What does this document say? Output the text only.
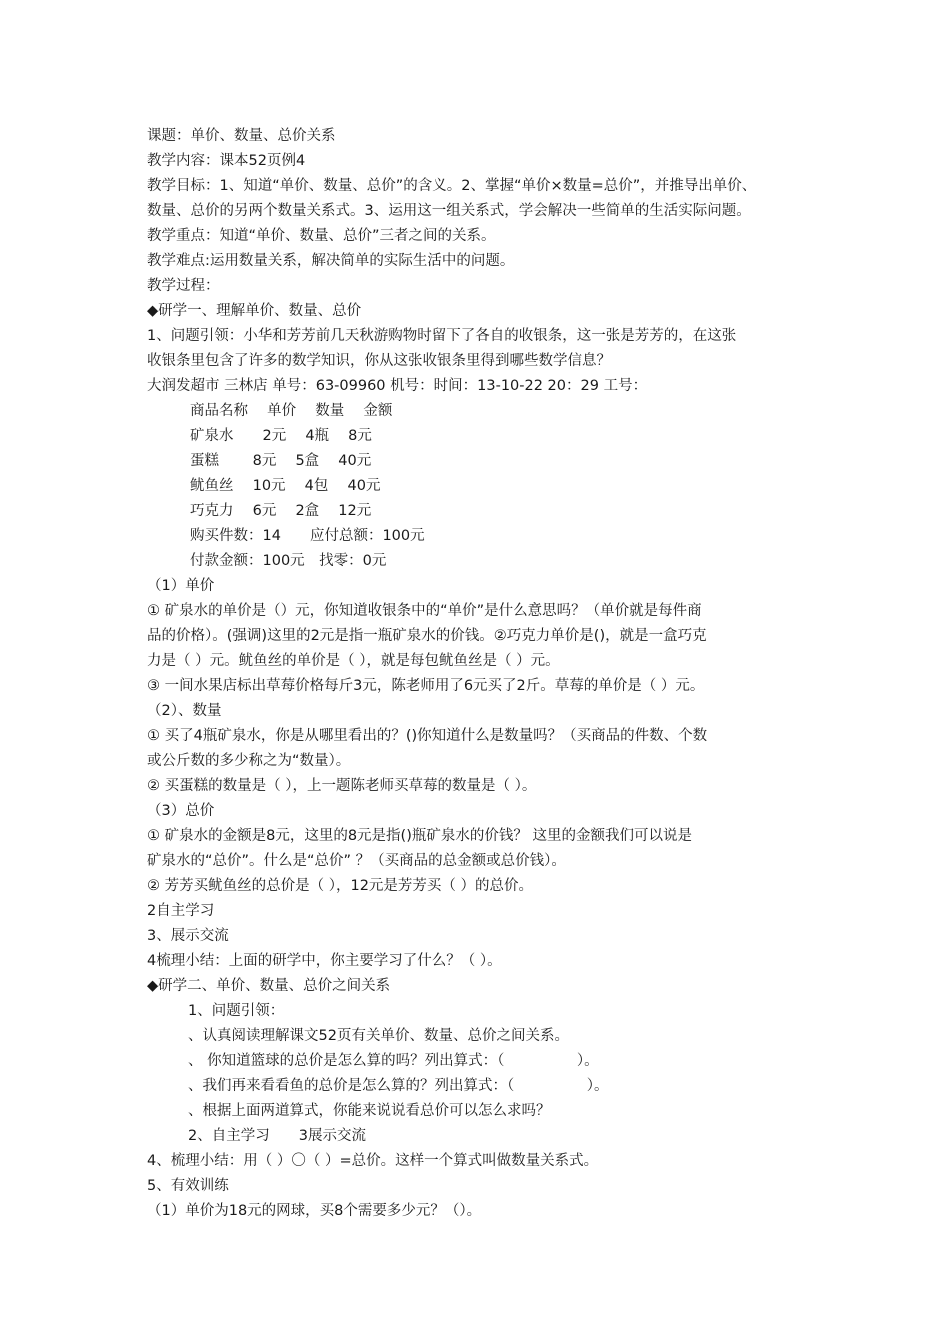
课题：单价、数量、总价关系
教学内容：课本52页例4
教学目标：1、知道“单价、数量、总价”的含义。2、掌握“单价×数量=总价”，并推导出单价、
数量、总价的另两个数量关系式。3、运用这一组关系式，学会解决一些简单的生活实际问题。
教学重点：知道“单价、数量、总价”三者之间的关系。
教学难点:运用数量关系，解决简单的实际生活中的问题。
教学过程：
◆研学一、理解单价、数量、总价
1、问题引领：小华和芳芳前几天秋游购物时留下了各自的收银条，这一张是芳芳的，在这张
收银条里包含了许多的数学知识，你从这张收银条里得到哪些数学信息？
大润发超市 三林店 单号：63-09960 机号：时间：13-10-22 20：29 工号：
商品名称　 单价　 数量　 金额
矿泉水　　2元　 4瓶　 8元
蛋糕　　 8元　 5盒　 40元
鱿鱼丝　 10元　 4包　 40元
巧克力　 6元　 2盒　 12元
购买件数：14　　应付总额：100元
付款金额：100元　找零：0元
（1）单价
① 矿泉水的单价是（）元，你知道收银条中的“单价”是什么意思吗？（单价就是每件商
品的价格）。(强调)这里的2元是指一瓶矿泉水的价钱。②巧克力单价是()，就是一盒巧克
力是（ ）元。鱿鱼丝的单价是（ ），就是每包鱿鱼丝是（ ）元。
③ 一间水果店标出草莓价格每斤3元，陈老师用了6元买了2斤。草莓的单价是（ ）元。
（2）、数量
① 买了4瓶矿泉水，你是从哪里看出的？()你知道什么是数量吗？（买商品的件数、个数
或公斤数的多少称之为“数量）。
② 买蛋糕的数量是（ ），上一题陈老师买草莓的数量是（ ）。
（3）总价
① 矿泉水的金额是8元，这里的8元是指()瓶矿泉水的价钱？ 这里的金额我们可以说是
矿泉水的“总价”。什么是“总价” ？（买商品的总金额或总价钱）。
② 芳芳买鱿鱼丝的总价是（ ），12元是芳芳买（ ）的总价。
2自主学习
3、展示交流
4梳理小结：上面的研学中，你主要学习了什么？（ ）。
◆研学二、单价、数量、总价之间关系
1、问题引领：
、认真阅读理解课文52页有关单价、数量、总价之间关系。
、 你知道篮球的总价是怎么算的吗？列出算式：（　　　　　）。
、我们再来看看鱼的总价是怎么算的？列出算式：（　　　　　）。
、根据上面两道算式，你能来说说看总价可以怎么求吗？
2、自主学习　　3展示交流
4、梳理小结：用（ ）〇（ ）=总价。这样一个算式叫做数量关系式。
5、有效训练
（1）单价为18元的网球，买8个需要多少元？（）。
